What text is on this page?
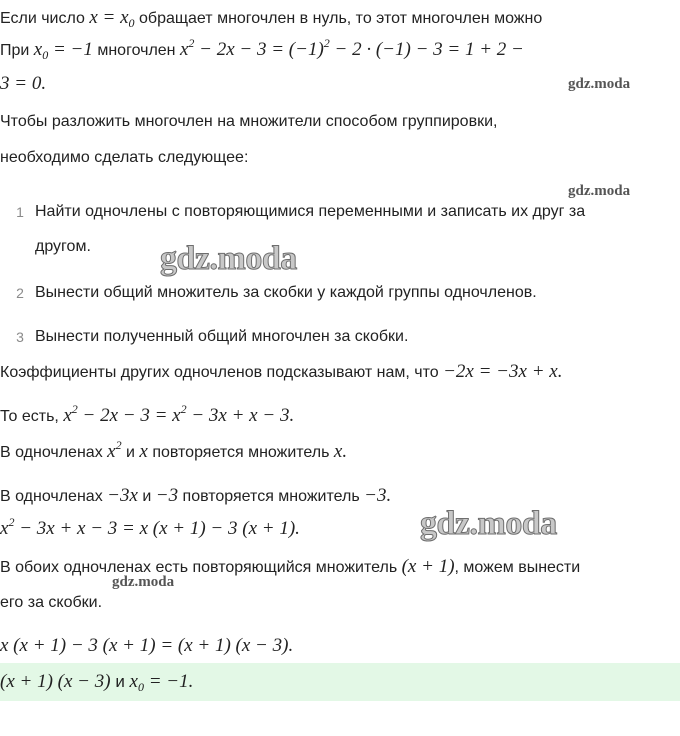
Если число $x = x_0$ обращает многочлен в нуль, то этот многочлен можно
При $x_0 = -1$ многочлен $x^2 - 2x - 3 = (-1)^2 - 2 \cdot (-1) - 3 = 1 + 2$ −
3 = 0.	gdz.moda
Чтобы разложить многочлен на множители способом группировки,
необходимо сделать следующее:
gdz.moda
1 Найти одночлены с повторяющимися переменными и записать их друг за
другом.
2 Вынести общий множитель за скобки у каждой группы одночленов.
3 Вынести полученный общий многочлен за скобки.
gdz.moda
Коэффициенты других одночленов подсказывают нам, что −2x = −3x + x.
То есть, $x^2 - 2x - 3 = x^2 - 3x + x - 3$.
В одночленах $x^2$ и x повторяется множитель x.
В одночленах −3x и −3 повторяется множитель −3.
$x^2 - 3x + x - 3 = x$ (x + 1) − 3 (x + 1).	gdz.moda
В обоих одночленах есть повторяющийся множитель (x + 1), можем вынести
его за скобки.
gdz.moda
x (x + 1) − 3 (x + 1) = (x + 1) (x − 3).
(x + 1) (x − 3) и $x_0 = -1$.
